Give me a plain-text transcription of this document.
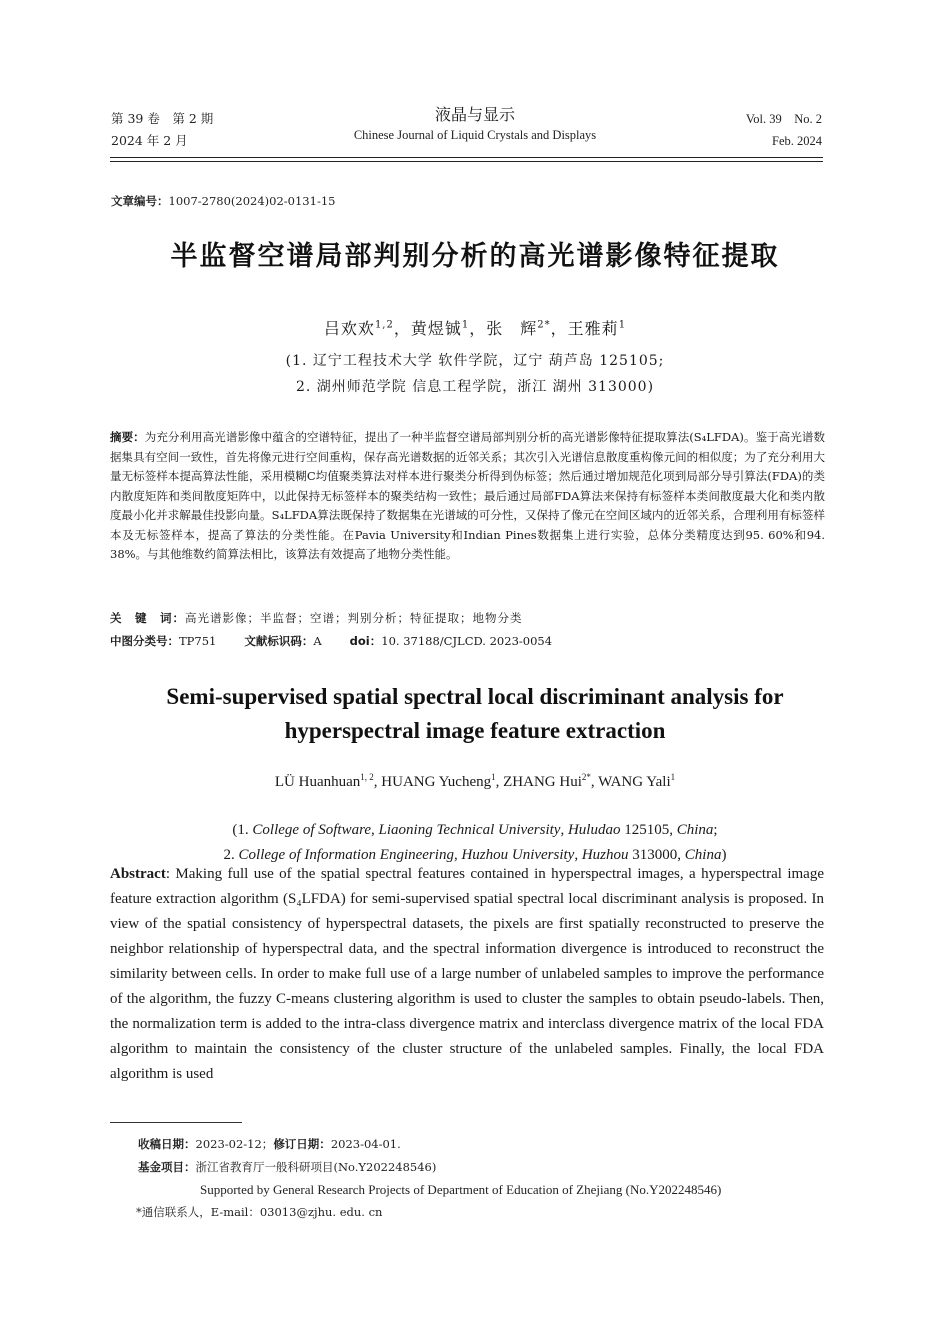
第 39 卷　第 2 期
2024 年 2 月
液晶与显示
Chinese Journal of Liquid Crystals and Displays
Vol. 39　No. 2
Feb. 2024
文章编号：1007-2780(2024)02-0131-15
半监督空谱局部判别分析的高光谱影像特征提取
吕欢欢$^{1,2}$，黄煜铖$^1$，张　辉$^{2*}$，王雅莉$^1$
(1. 辽宁工程技术大学 软件学院，辽宁 葫芦岛 125105;
2. 湖州师范学院 信息工程学院，浙江 湖州 313000)
摘要：为充分利用高光谱影像中蕴含的空谱特征，提出了一种半监督空谱局部判别分析的高光谱影像特征提取算法(S₄LFDA)。鉴于高光谱数据集具有空间一致性，首先将像元进行空间重构，保存高光谱数据的近邻关系；其次引入光谱信息散度重构像元间的相似度；为了充分利用大量无标签样本提高算法性能，采用模糊C均值聚类算法对样本进行聚类分析得到伪标签；然后通过增加规范化项到局部分导引算法(FDA)的类内散度矩阵和类间散度矩阵中，以此保持无标签样本的聚类结构一致性；最后通过局部FDA算法来保持有标签样本类间散度最大化和类内散度最小化并求解最佳投影向量。S₄LFDA算法既保持了数据集在光谱域的可分性，又保持了像元在空间区域内的近邻关系，合理利用有标签样本及无标签样本，提高了算法的分类性能。在Pavia University和Indian Pines数据集上进行实验，总体分类精度达到95. 60%和94. 38%。与其他维数约简算法相比，该算法有效提高了地物分类性能。
关　键　词：高光谱影像；半监督；空谱；判别分析；特征提取；地物分类
中图分类号：TP751 文献标识码：A doi：10. 37188/CJLCD. 2023-0054
Semi-supervised spatial spectral local discriminant analysis for
hyperspectral image feature extraction
LÜ Huanhuan$^{1, 2}$, HUANG Yucheng$^1$, ZHANG Hui$^{2*}$, WANG Yali$^1$
(1. College of Software, Liaoning Technical University, Huludao 125105, China;
2. College of Information Engineering, Huzhou University, Huzhou 313000, China)
Abstract: Making full use of the spatial spectral features contained in hyperspectral images, a hyperspectral image feature extraction algorithm (S₄LFDA) for semi-supervised spatial spectral local discriminant analysis is proposed. In view of the spatial consistency of hyperspectral datasets, the pixels are first spatially reconstructed to preserve the neighbor relationship of hyperspectral data, and the spectral information divergence is introduced to reconstruct the similarity between cells. In order to make full use of a large number of unlabeled samples to improve the performance of the algorithm, the fuzzy C-means clustering algorithm is used to cluster the samples to obtain pseudo-labels. Then, the normalization term is added to the intra-class divergence matrix and interclass divergence matrix of the local FDA algorithm to maintain the consistency of the cluster structure of the unlabeled samples. Finally, the local FDA algorithm is used
收稿日期：2023-02-12；修订日期：2023-04-01.
基金项目：浙江省教育厅一般科研项目(No.Y202248546)
Supported by General Research Projects of Department of Education of Zhejiang (No.Y202248546)
*通信联系人，E-mail：03013@zjhu. edu. cn
